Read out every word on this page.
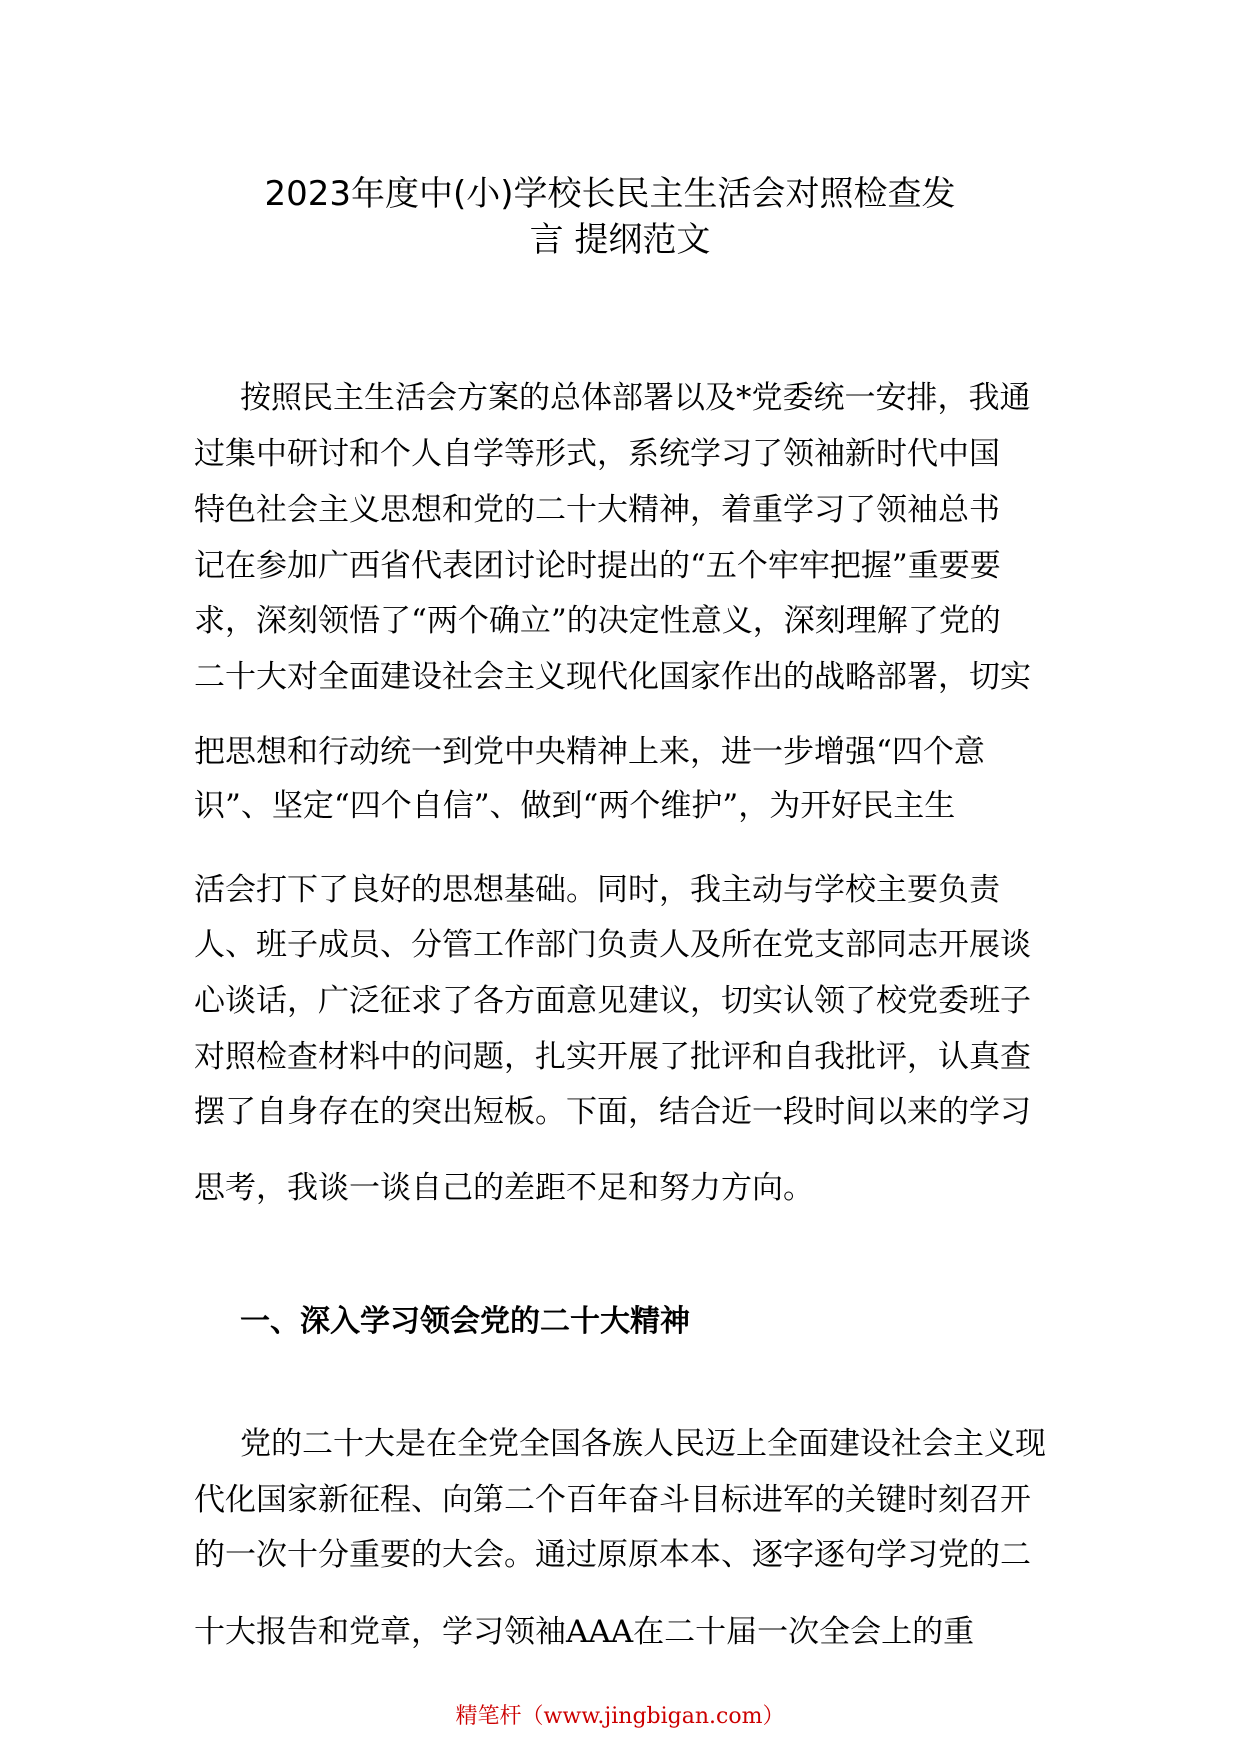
2023年度中(小)学校长民主生活会对照检查发
言 提纲范文
按照民主生活会方案的总体部署以及*党委统一安排，我通
过集中研讨和个人自学等形式，系统学习了领袖新时代中国
特色社会主义思想和党的二十大精神，着重学习了领袖总书
记在参加广西省代表团讨论时提出的“五个牢牢把握”重要要
求，深刻领悟了“两个确立”的决定性意义，深刻理解了党的
二十大对全面建设社会主义现代化国家作出的战略部署，切实
把思想和行动统一到党中央精神上来，进一步增强“四个意
识”、坚定“四个自信”、做到“两个维护”，为开好民主生
活会打下了良好的思想基础。同时，我主动与学校主要负责
人、班子成员、分管工作部门负责人及所在党支部同志开展谈
心谈话，广泛征求了各方面意见建议，切实认领了校党委班子
对照检查材料中的问题，扎实开展了批评和自我批评，认真查
摆了自身存在的突出短板。下面，结合近一段时间以来的学习
思考，我谈一谈自己的差距不足和努力方向。
一、深入学习领会党的二十大精神
党的二十大是在全党全国各族人民迈上全面建设社会主义现
代化国家新征程、向第二个百年奋斗目标进军的关键时刻召开
的一次十分重要的大会。通过原原本本、逐字逐句学习党的二
十大报告和党章，学习领袖AAA在二十届一次全会上的重
精笔杆（www.jingbigan.com）
